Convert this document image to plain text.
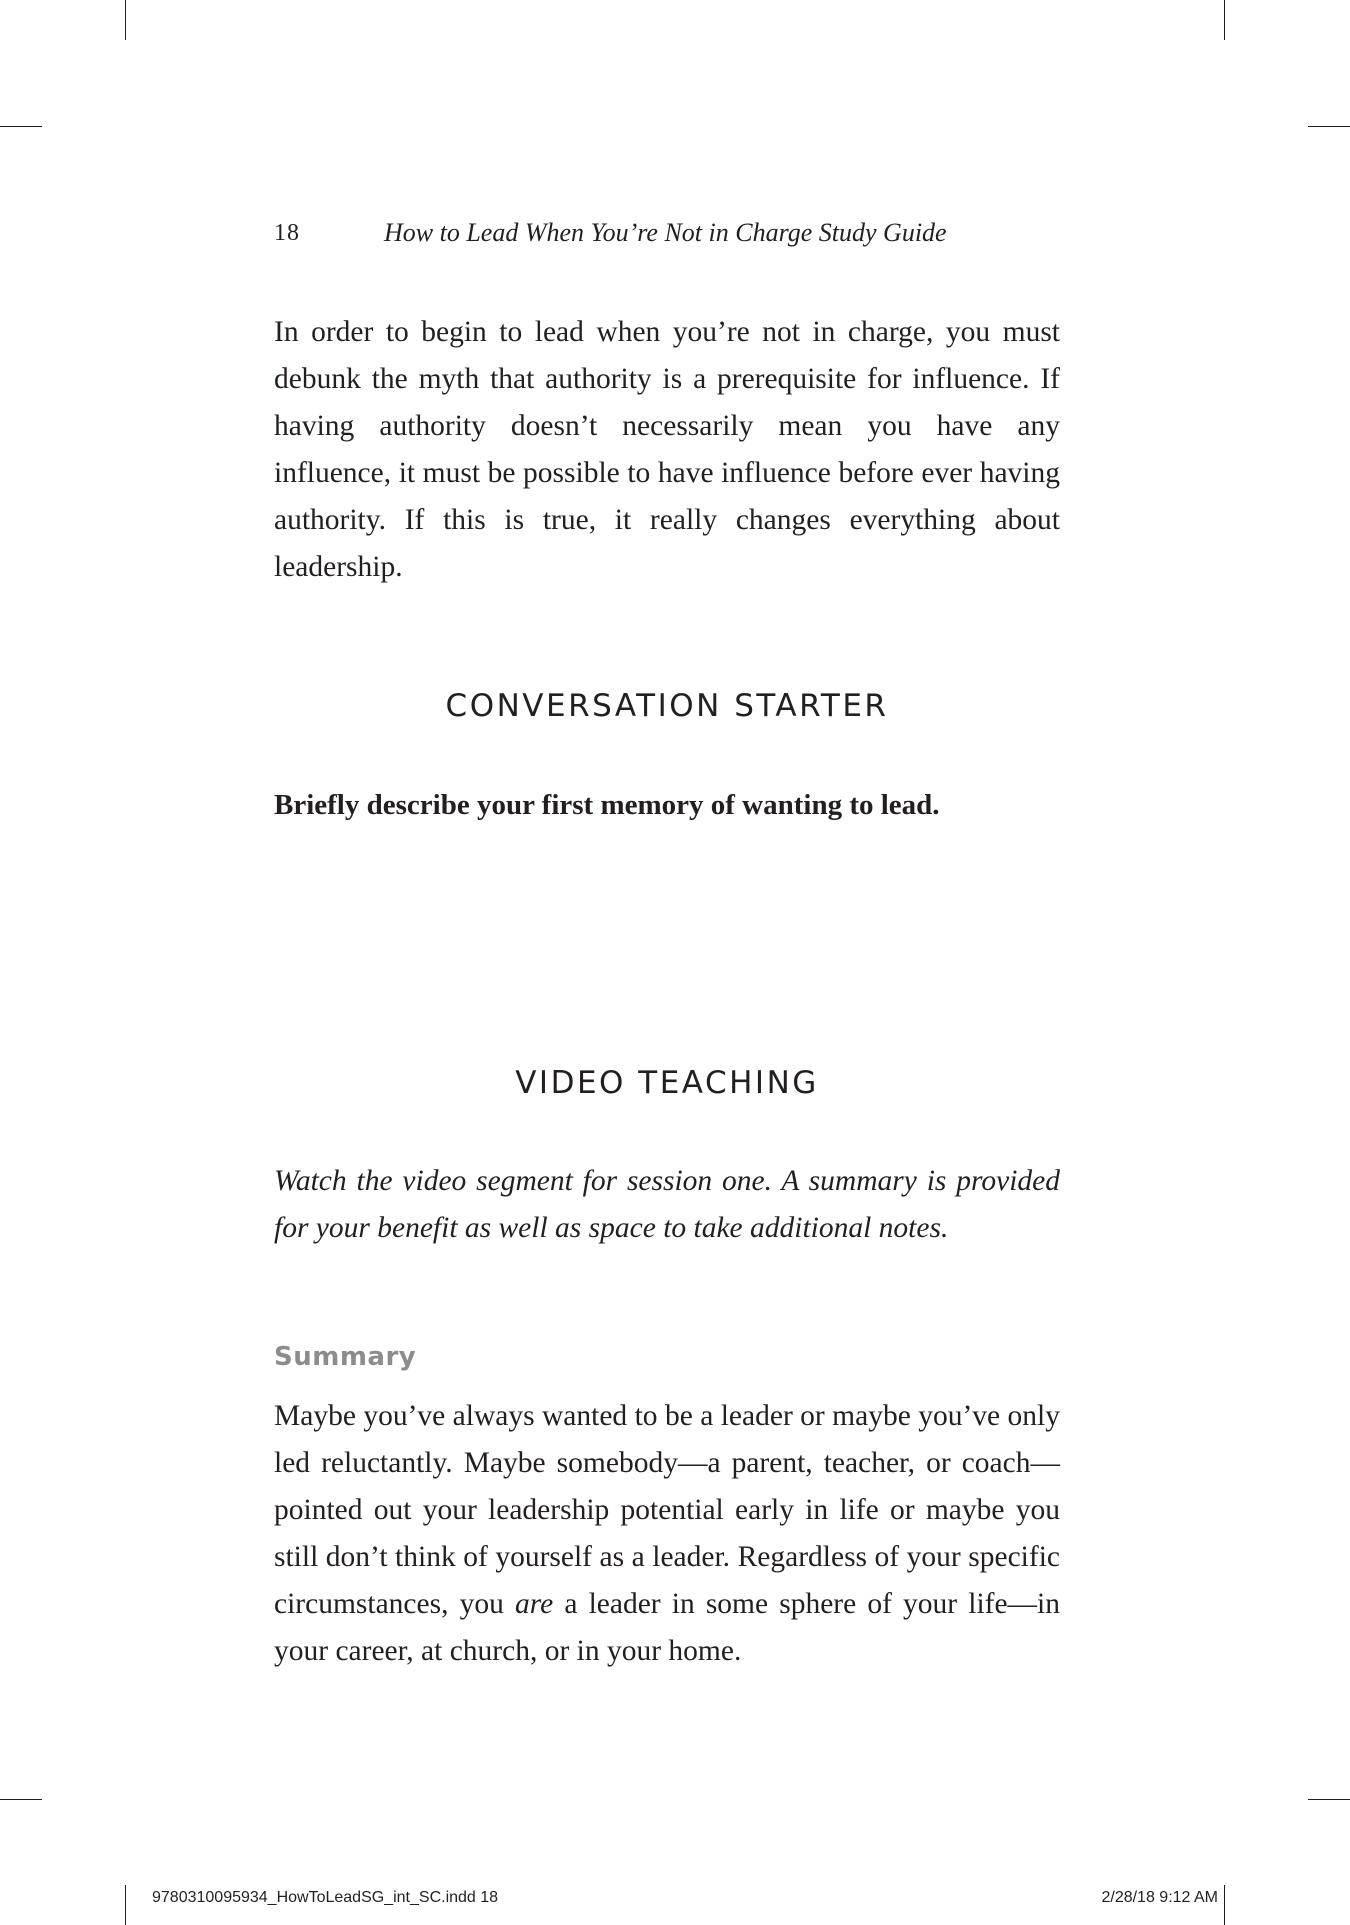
18	How to Lead When You’re Not in Charge Study Guide

In order to begin to lead when you’re not in charge, you must debunk the myth that authority is a prerequisite for influence. If having authority doesn’t necessarily mean you have any influence, it must be possible to have influence before ever having authority. If this is true, it really changes everything about leadership.

CONVERSATION STARTER

Briefly describe your first memory of wanting to lead.

VIDEO TEACHING

Watch the video segment for session one. A summary is provided for your benefit as well as space to take additional notes.

Summary

Maybe you’ve always wanted to be a leader or maybe you’ve only led reluctantly. Maybe somebody—a parent, teacher, or coach—pointed out your leadership potential early in life or maybe you still don’t think of yourself as a leader. Regardless of your specific circumstances, you are a leader in some sphere of your life—in your career, at church, or in your home.

9780310095934_HowToLeadSG_int_SC.indd 18	2/28/18 9:12 AM
